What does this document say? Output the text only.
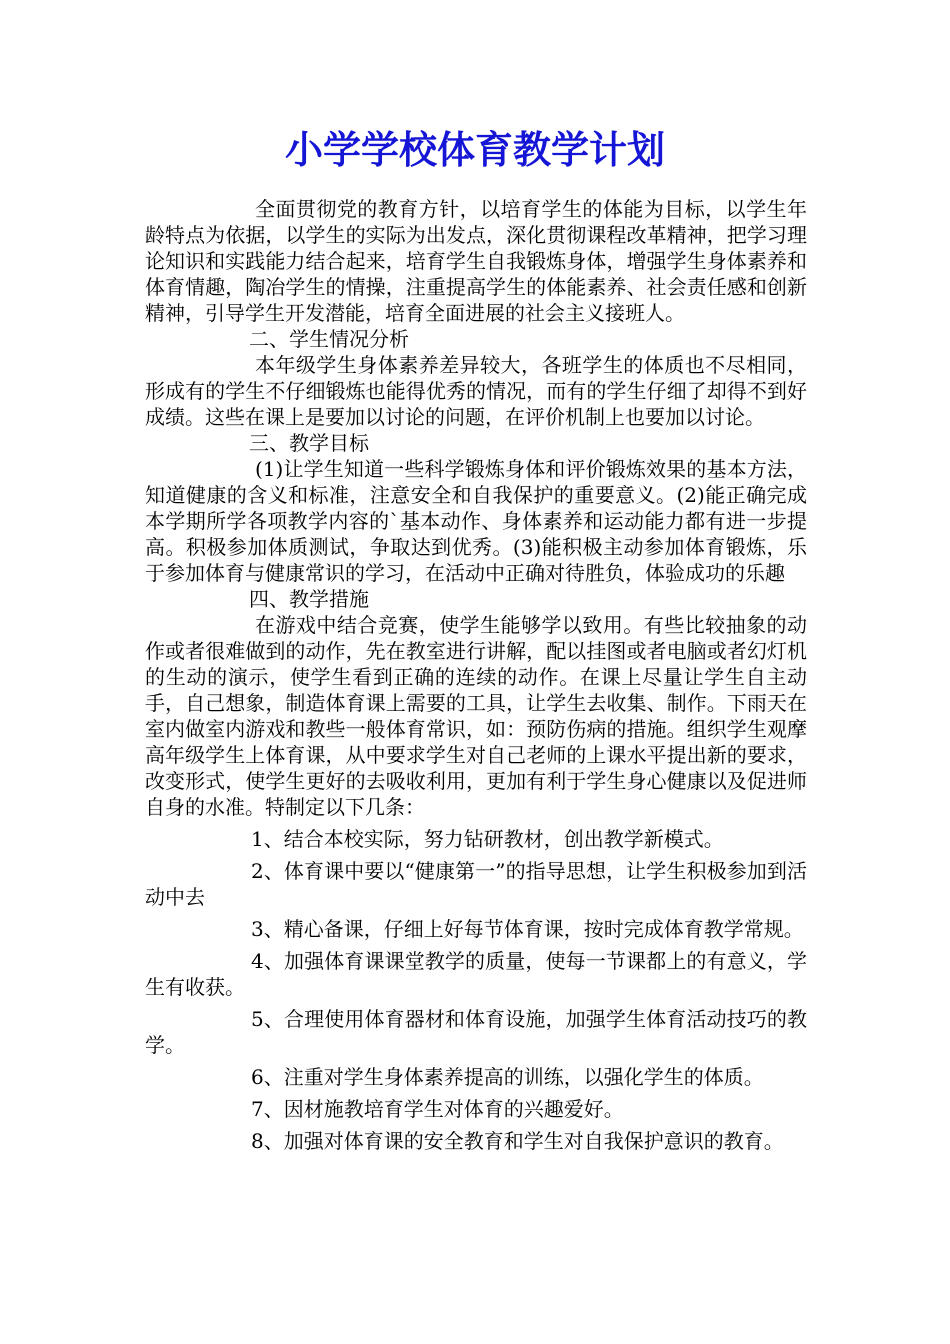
小学学校体育教学计划

全面贯彻党的教育方针，以培育学生的体能为目标，以学生年龄特点为依据，以学生的实际为出发点，深化贯彻课程改革精神，把学习理论知识和实践能力结合起来，培育学生自我锻炼身体，增强学生身体素养和体育情趣，陶冶学生的情操，注重提高学生的体能素养、社会责任感和创新精神，引导学生开发潜能，培育全面进展的社会主义接班人。

二、学生情况分析

本年级学生身体素养差异较大，各班学生的体质也不尽相同，形成有的学生不仔细锻炼也能得优秀的情况，而有的学生仔细了却得不到好成绩。这些在课上是要加以讨论的问题，在评价机制上也要加以讨论。

三、教学目标

(1)让学生知道一些科学锻炼身体和评价锻炼效果的基本方法，知道健康的含义和标准，注意安全和自我保护的重要意义。(2)能正确完成本学期所学各项教学内容的`基本动作、身体素养和运动能力都有进一步提高。积极参加体质测试，争取达到优秀。(3)能积极主动参加体育锻炼，乐于参加体育与健康常识的学习，在活动中正确对待胜负，体验成功的乐趣

四、教学措施

在游戏中结合竞赛，使学生能够学以致用。有些比较抽象的动作或者很难做到的动作，先在教室进行讲解，配以挂图或者电脑或者幻灯机的生动的演示，使学生看到正确的连续的动作。在课上尽量让学生自主动手，自己想象，制造体育课上需要的工具，让学生去收集、制作。下雨天在室内做室内游戏和教些一般体育常识，如：预防伤病的措施。组织学生观摩高年级学生上体育课，从中要求学生对自己老师的上课水平提出新的要求，改变形式，使学生更好的去吸收利用，更加有利于学生身心健康以及促进师自身的水准。特制定以下几条：

1、结合本校实际，努力钻研教材，创出教学新模式。

2、体育课中要以“健康第一”的指导思想，让学生积极参加到活动中去

3、精心备课，仔细上好每节体育课，按时完成体育教学常规。

4、加强体育课课堂教学的质量，使每一节课都上的有意义，学生有收获。

5、合理使用体育器材和体育设施，加强学生体育活动技巧的教学。

6、注重对学生身体素养提高的训练，以强化学生的体质。

7、因材施教培育学生对体育的兴趣爱好。

8、加强对体育课的安全教育和学生对自我保护意识的教育。
